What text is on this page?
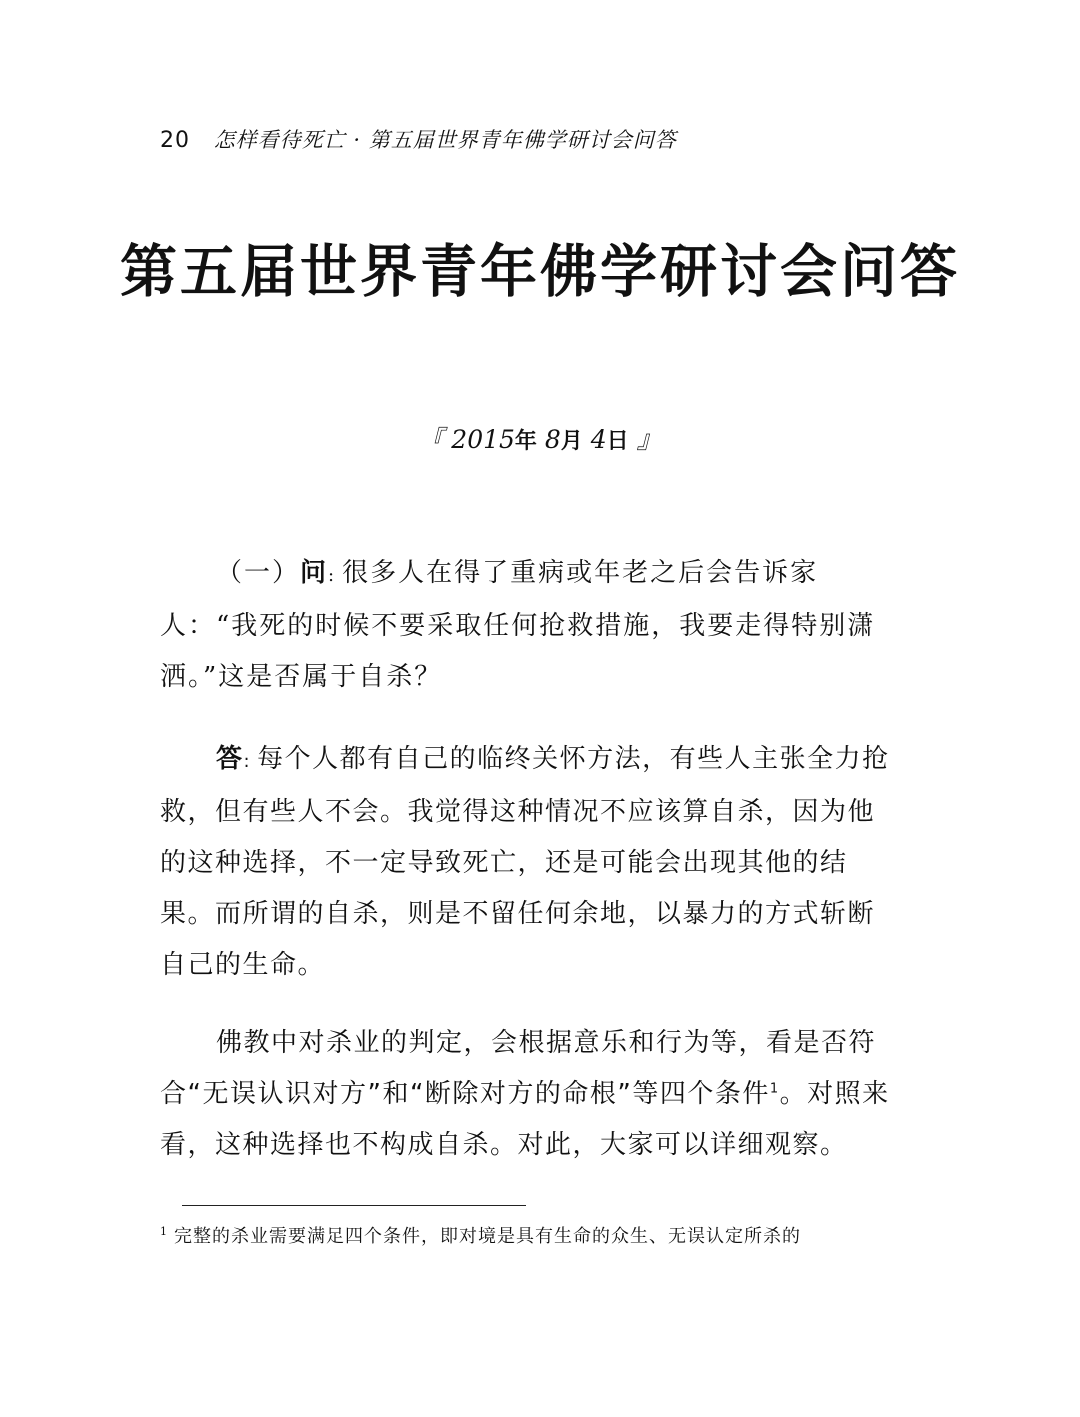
20 怎样看待死亡 · 第五届世界青年佛学研讨会问答
第五届世界青年佛学研讨会问答
『 2015年 8月 4日 』
（一）问: 很多人在得了重病或年老之后会告诉家人：“我死的时候不要采取任何抢救措施，我要走得特别潇洒。”这是否属于自杀？
答: 每个人都有自己的临终关怀方法，有些人主张全力抢救，但有些人不会。我觉得这种情况不应该算自杀，因为他的这种选择，不一定导致死亡，还是可能会出现其他的结果。而所谓的自杀，则是不留任何余地，以暴力的方式斩断自己的生命。
佛教中对杀业的判定，会根据意乐和行为等，看是否符合“无误认识对方”和“断除对方的命根”等四个条件$^1$。对照来看，这种选择也不构成自杀。对此，大家可以详细观察。
$^1$ 完整的杀业需要满足四个条件，即对境是具有生命的众生、无误认定所杀的
